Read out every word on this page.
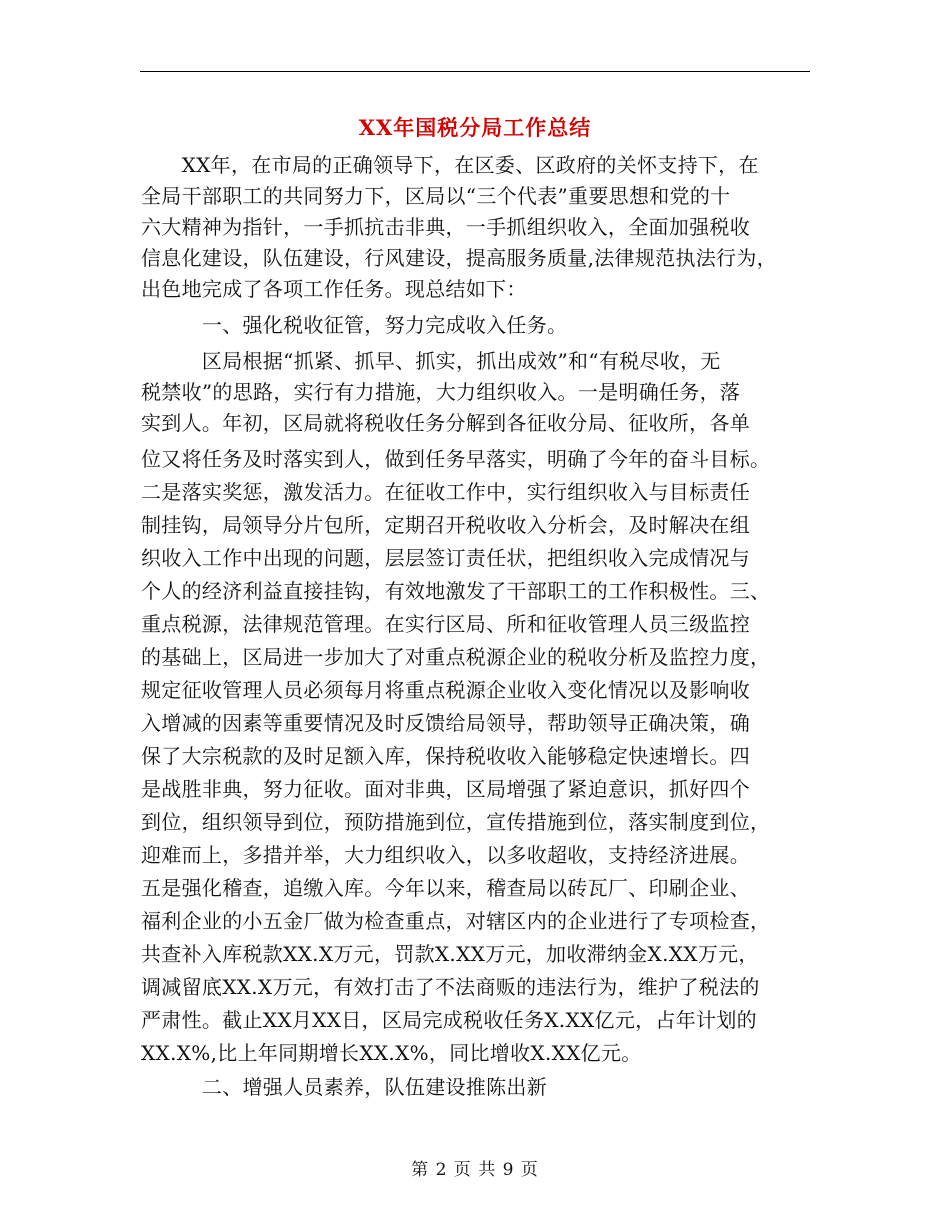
XX年国税分局工作总结
　　XX年，在市局的正确领导下，在区委、区政府的关怀支持下，在
全局干部职工的共同努力下，区局以“三个代表”重要思想和党的十
六大精神为指针，一手抓抗击非典，一手抓组织收入，全面加强税收
信息化建设，队伍建设，行风建设，提高服务质量,法律规范执法行为，
出色地完成了各项工作任务。现总结如下：
　　　一、强化税收征管，努力完成收入任务。
　　　区局根据“抓紧、抓早、抓实，抓出成效”和“有税尽收，无
税禁收”的思路，实行有力措施，大力组织收入。一是明确任务，落
实到人。年初，区局就将税收任务分解到各征收分局、征收所，各单
位又将任务及时落实到人，做到任务早落实，明确了今年的奋斗目标。
二是落实奖惩，激发活力。在征收工作中，实行组织收入与目标责任
制挂钩，局领导分片包所，定期召开税收收入分析会，及时解决在组
织收入工作中出现的问题，层层签订责任状，把组织收入完成情况与
个人的经济利益直接挂钩，有效地激发了干部职工的工作积极性。三、
重点税源，法律规范管理。在实行区局、所和征收管理人员三级监控
的基础上，区局进一步加大了对重点税源企业的税收分析及监控力度，
规定征收管理人员必须每月将重点税源企业收入变化情况以及影响收
入增减的因素等重要情况及时反馈给局领导，帮助领导正确决策，确
保了大宗税款的及时足额入库，保持税收收入能够稳定快速增长。四
是战胜非典，努力征收。面对非典，区局增强了紧迫意识，抓好四个
到位，组织领导到位，预防措施到位，宣传措施到位，落实制度到位，
迎难而上，多措并举，大力组织收入，以多收超收，支持经济进展。
五是强化稽查，追缴入库。今年以来，稽查局以砖瓦厂、印刷企业、
福利企业的小五金厂做为检查重点，对辖区内的企业进行了专项检查，
共查补入库税款XX.X万元，罚款X.XX万元，加收滞纳金X.XX万元，
调减留底XX.X万元，有效打击了不法商贩的违法行为，维护了税法的
严肃性。截止XX月XX日，区局完成税收任务X.XX亿元，占年计划的
XX.X%,比上年同期增长XX.X%，同比增收X.XX亿元。
　　　二、增强人员素养，队伍建设推陈出新
第 2 页 共 9 页
